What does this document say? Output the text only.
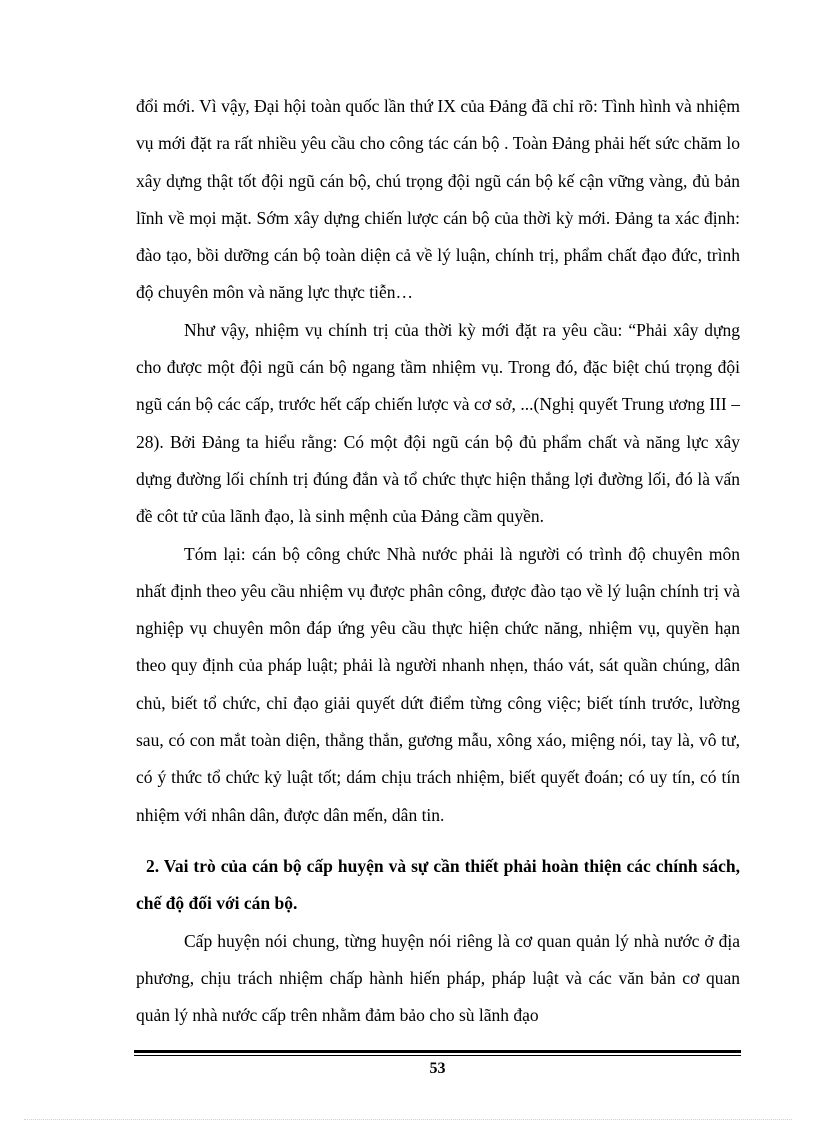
đổi mới. Vì vậy, Đại hội toàn quốc lần thứ IX của Đảng đã chỉ rõ: Tình hình và nhiệm vụ mới đặt ra rất nhiều yêu cầu cho công tác cán bộ . Toàn Đảng phải hết sức chăm lo xây dựng thật tốt đội ngũ cán bộ, chú trọng đội ngũ cán bộ kế cận vững vàng, đủ bản lĩnh về mọi mặt. Sớm xây dựng chiến lược cán bộ của thời kỳ mới. Đảng ta xác định: đào tạo, bồi dưỡng cán bộ toàn diện cả về lý luận, chính trị, phẩm chất đạo đức, trình độ chuyên môn và năng lực thực tiễn…

Như vậy, nhiệm vụ chính trị của thời kỳ mới đặt ra yêu cầu: “Phải xây dựng cho được một đội ngũ cán bộ ngang tầm nhiệm vụ. Trong đó, đặc biệt chú trọng đội ngũ cán bộ các cấp, trước hết cấp chiến lược và cơ sở, ...(Nghị quyết Trung ương III – 28). Bởi Đảng ta hiểu rằng: Có một đội ngũ cán bộ đủ phẩm chất và năng lực xây dựng đường lối chính trị đúng đắn và tổ chức thực hiện thắng lợi đường lối, đó là vấn đề côt tử của lãnh đạo, là sinh mệnh của Đảng cầm quyền.

Tóm lại: cán bộ công chức Nhà nước phải là người có trình độ chuyên môn nhất định theo yêu cầu nhiệm vụ được phân công, được đào tạo về lý luận chính trị và nghiệp vụ chuyên môn đáp ứng yêu cầu thực hiện chức năng, nhiệm vụ, quyền hạn theo quy định của pháp luật; phải là người nhanh nhẹn, tháo vát, sát quần chúng, dân chủ, biết tổ chức, chỉ đạo giải quyết dứt điểm từng công việc; biết tính trước, lường sau, có con mắt toàn diện, thẳng thắn, gương mẫu, xông xáo, miệng nói, tay là, vô tư, có ý thức tổ chức kỷ luật tốt; dám chịu trách nhiệm, biết quyết đoán; có uy tín, có tín nhiệm với nhân dân, được dân mến, dân tin.

2. Vai trò của cán bộ cấp huyện và sự cần thiết phải hoàn thiện các chính sách, chế độ đối với cán bộ.

Cấp huyện nói chung, từng huyện nói riêng là cơ quan quản lý nhà nước ở địa phương, chịu trách nhiệm chấp hành hiến pháp, pháp luật và các văn bản cơ quan quản lý nhà nước cấp trên nhằm đảm bảo cho sù lãnh đạo

53
